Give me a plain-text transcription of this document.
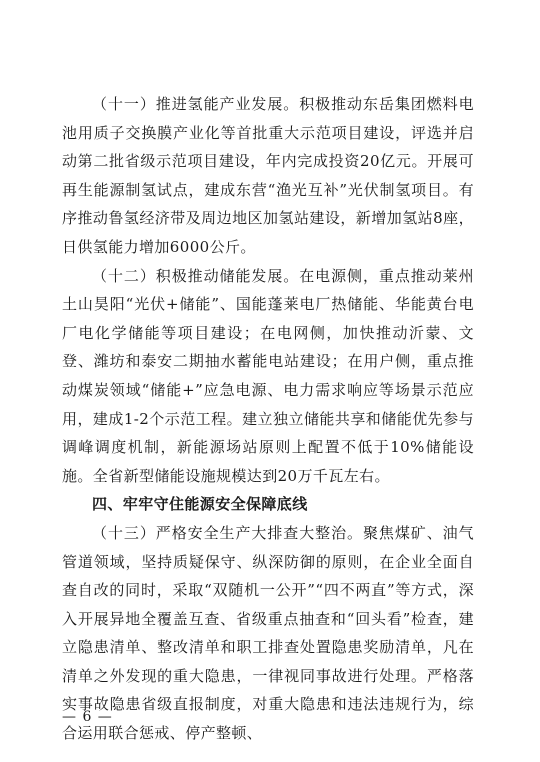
（十一）推进氢能产业发展。积极推动东岳集团燃料电池用质子交换膜产业化等首批重大示范项目建设，评选并启动第二批省级示范项目建设，年内完成投资20亿元。开展可再生能源制氢试点，建成东营“渔光互补”光伏制氢项目。有序推动鲁氢经济带及周边地区加氢站建设，新增加氢站8座，日供氢能力增加6000公斤。

（十二）积极推动储能发展。在电源侧，重点推动莱州土山昊阳“光伏+储能”、国能蓬莱电厂热储能、华能黄台电厂电化学储能等项目建设；在电网侧，加快推动沂蒙、文登、潍坊和泰安二期抽水蓄能电站建设；在用户侧，重点推动煤炭领域“储能+”应急电源、电力需求响应等场景示范应用，建成1-2个示范工程。建立独立储能共享和储能优先参与调峰调度机制，新能源场站原则上配置不低于10%储能设施。全省新型储能设施规模达到20万千瓦左右。

四、牢牢守住能源安全保障底线

（十三）严格安全生产大排查大整治。聚焦煤矿、油气管道领域，坚持质疑保守、纵深防御的原则，在企业全面自查自改的同时，采取“双随机一公开”“四不两直”等方式，深入开展异地全覆盖互查、省级重点抽查和“回头看”检查，建立隐患清单、整改清单和职工排查处置隐患奖励清单，凡在清单之外发现的重大隐患，一律视同事故进行处理。严格落实事故隐患省级直报制度，对重大隐患和违法违规行为，综合运用联合惩戒、停产整顿、

— 6 —
